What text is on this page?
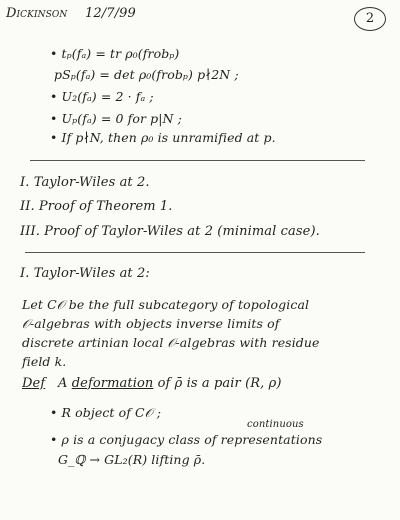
Dickinson 12/7/99	2
• tₚ(fₐ) = tr ρ₀(frobₚ)
pSₚ(fₐ) = det ρ₀(frobₚ) p∤2N ;
• U₂(fₐ) = 2 · fₐ ;
• Uₚ(fₐ) = 0 for p|N ;
• If p∤N, then ρ₀ is unramified at p.
I. Taylor-Wiles at 2.
II. Proof of Theorem 1.
III. Proof of Taylor-Wiles at 2 (minimal case).
I. Taylor-Wiles at 2:
Let C𝒪 be the full subcategory of topological
𝒪-algebras with objects inverse limits of
discrete artinian local 𝒪-algebras with residue
field k.
Def A deformation of ρ̄ is a pair (R, ρ)
• R object of C𝒪 ;
continuous
• ρ is a conjugacy class of representations
G_ℚ → GL₂(R) lifting ρ̄.
